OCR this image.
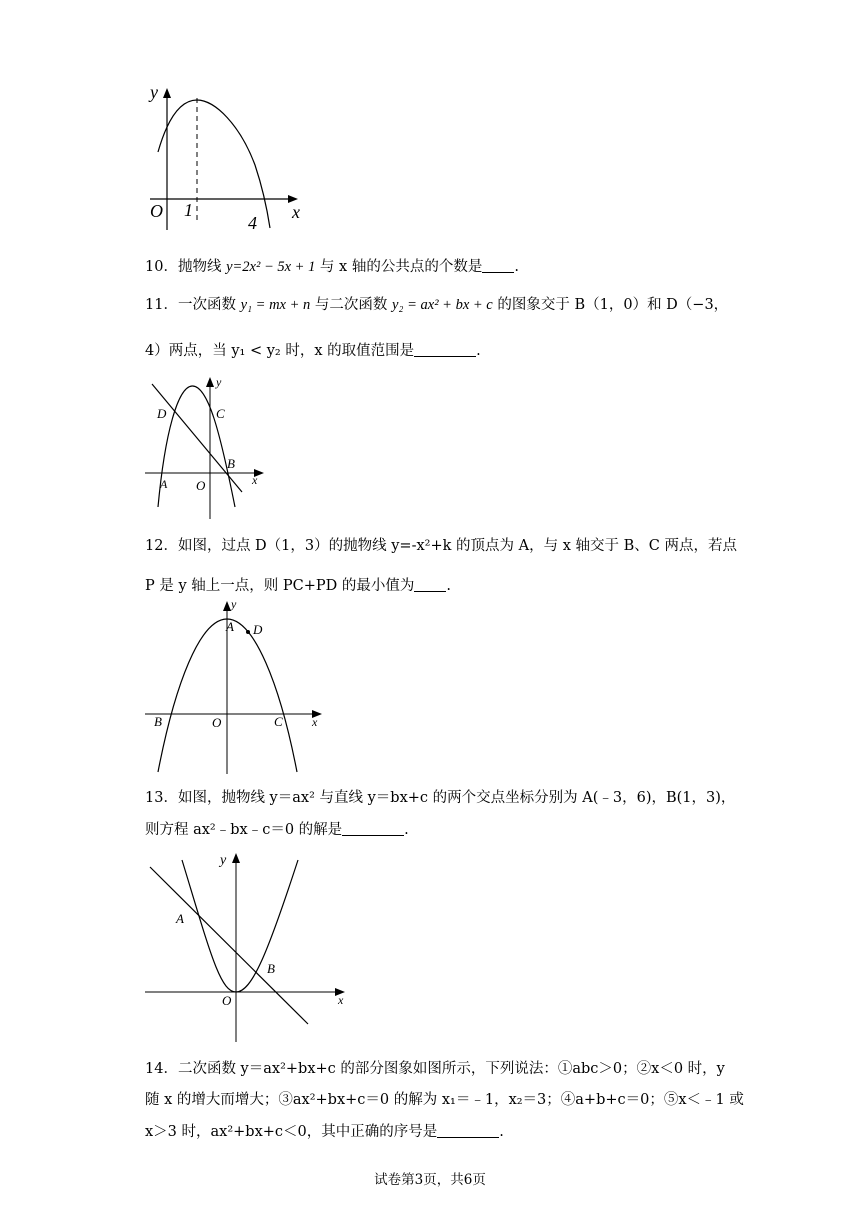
y
x
O 1
4
10．抛物线 y=2x² − 5x + 1 与 x 轴的公共点的个数是 .
11．一次函数 y₁ = mx + n 与二次函数 y₂ = ax² + bx + c 的图象交于 B（1，0）和 D（−3，
4）两点，当 y₁ < y₂ 时，x 的取值范围是	.
y
x
O
A
B
C
D
12．如图，过点 D（1，3）的抛物线 y=-x²+k 的顶点为 A，与 x 轴交于 B、C 两点，若点
P 是 y 轴上一点，则 PC+PD 的最小值为 .
y
x
O
A
B	C
D
13．如图，抛物线 y＝ax² 与直线 y＝bx+c 的两个交点坐标分别为 A(﹣3，6)，B(1，3)，
则方程 ax²﹣bx﹣c＝0 的解是	.
y
x
O
A
B
14．二次函数 y＝ax²+bx+c 的部分图象如图所示，下列说法：①abc＞0；②x＜0 时，y
随 x 的增大而增大；③ax²+bx+c＝0 的解为 x₁＝﹣1，x₂＝3；④a+b+c＝0；⑤x＜﹣1 或
x＞3 时，ax²+bx+c＜0，其中正确的序号是	.
试卷第3页，共6页
